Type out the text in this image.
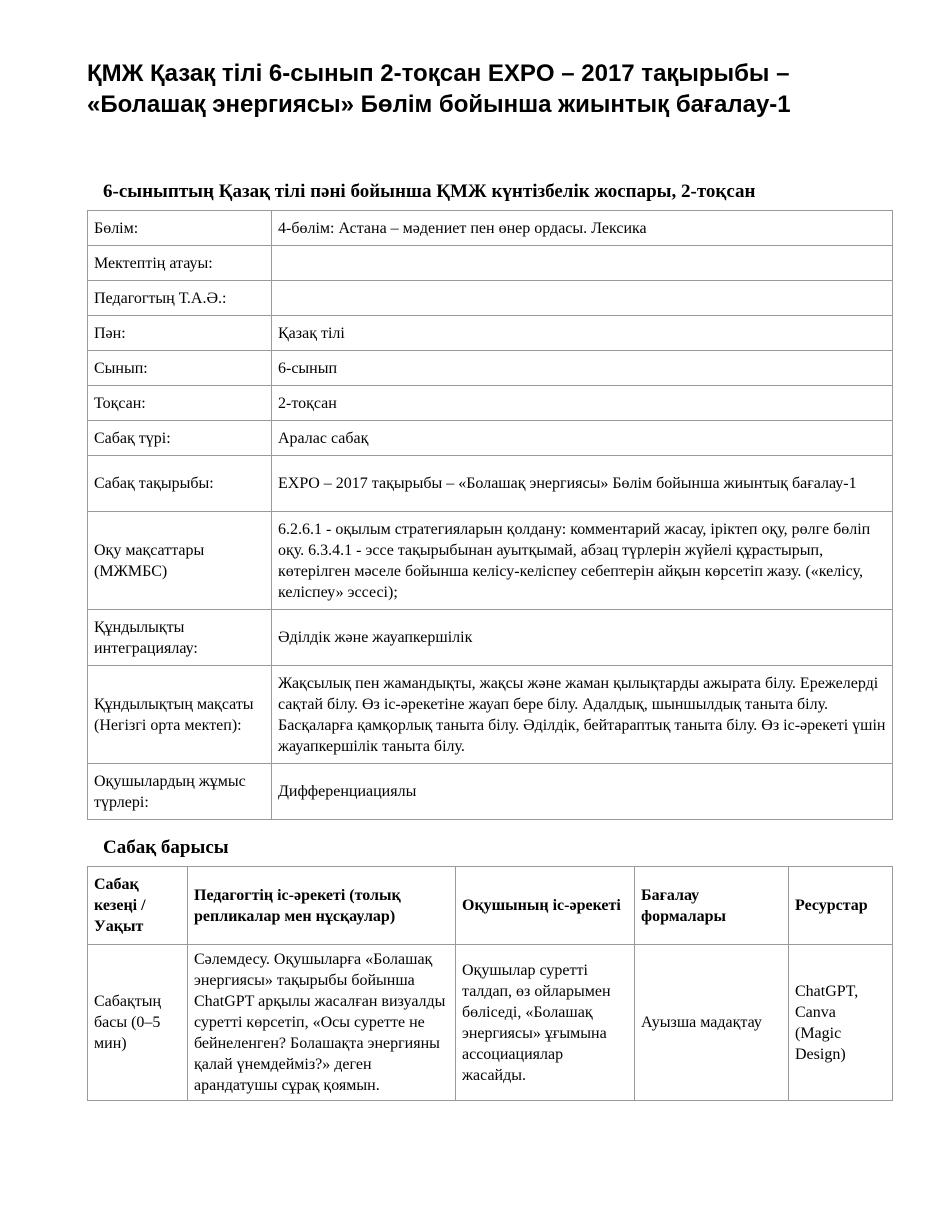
ҚМЖ Қазақ тілі 6-сынып 2-тоқсан EXPO – 2017 тақырыбы – «Болашақ энергиясы» Бөлім бойынша жиынтық бағалау-1
6-сыныптың Қазақ тілі пәні бойынша ҚМЖ күнтізбелік жоспары, 2-тоқсан
Бөлім:	4-бөлім: Астана – мәдениет пен өнер ордасы. Лексика
Мектептің атауы:	
Педагогтың Т.А.Ә.:	
Пән:	Қазақ тілі
Сынып:	6-сынып
Тоқсан:	2-тоқсан
Сабақ түрі:	Аралас сабақ
Сабақ тақырыбы:	EXPO – 2017 тақырыбы – «Болашақ энергиясы» Бөлім бойынша жиынтық бағалау-1
Оқу мақсаттары (МЖМБС)	6.2.6.1 - оқылым стратегияларын қолдану: комментарий жасау, іріктеп оқу, рөлге бөліп оқу. 6.3.4.1 - эссе тақырыбынан ауытқымай, абзац түрлерін жүйелі құрастырып, көтерілген мәселе бойынша келісу-келіспеу себептерін айқын көрсетіп жазу. («келісу, келіспеу» эссесі);
Құндылықты интеграциялау:	Әділдік және жауапкершілік
Құндылықтың мақсаты (Негізгі орта мектеп):	Жақсылық пен жамандықты, жақсы және жаман қылықтарды ажырата білу. Ережелерді сақтай білу. Өз іс-әрекетіне жауап бере білу. Адалдық, шыншылдық таныта білу. Басқаларға қамқорлық таныта білу. Әділдік, бейтараптық таныта білу. Өз іс-әрекеті үшін жауапкершілік таныта білу.
Оқушылардың жұмыс түрлері:	Дифференциациялы
Сабақ барысы
Сабақ кезеңі / Уақыт	Педагогтің іс-әрекеті (толық репликалар мен нұсқаулар)	Оқушының іс-әрекеті	Бағалау формалары	Ресурстар
Сабақтың басы (0–5 мин)	Сәлемдесу. Оқушыларға «Болашақ энергиясы» тақырыбы бойынша ChatGPT арқылы жасалған визуалды суретті көрсетіп, «Осы суретте не бейнеленген? Болашақта энергияны қалай үнемдейміз?» деген арандатушы сұрақ қоямын.	Оқушылар суретті талдап, өз ойларымен бөліседі, «Болашақ энергиясы» ұғымына ассоциациялар жасайды.	Ауызша мадақтау	ChatGPT, Canva (Magic Design)
